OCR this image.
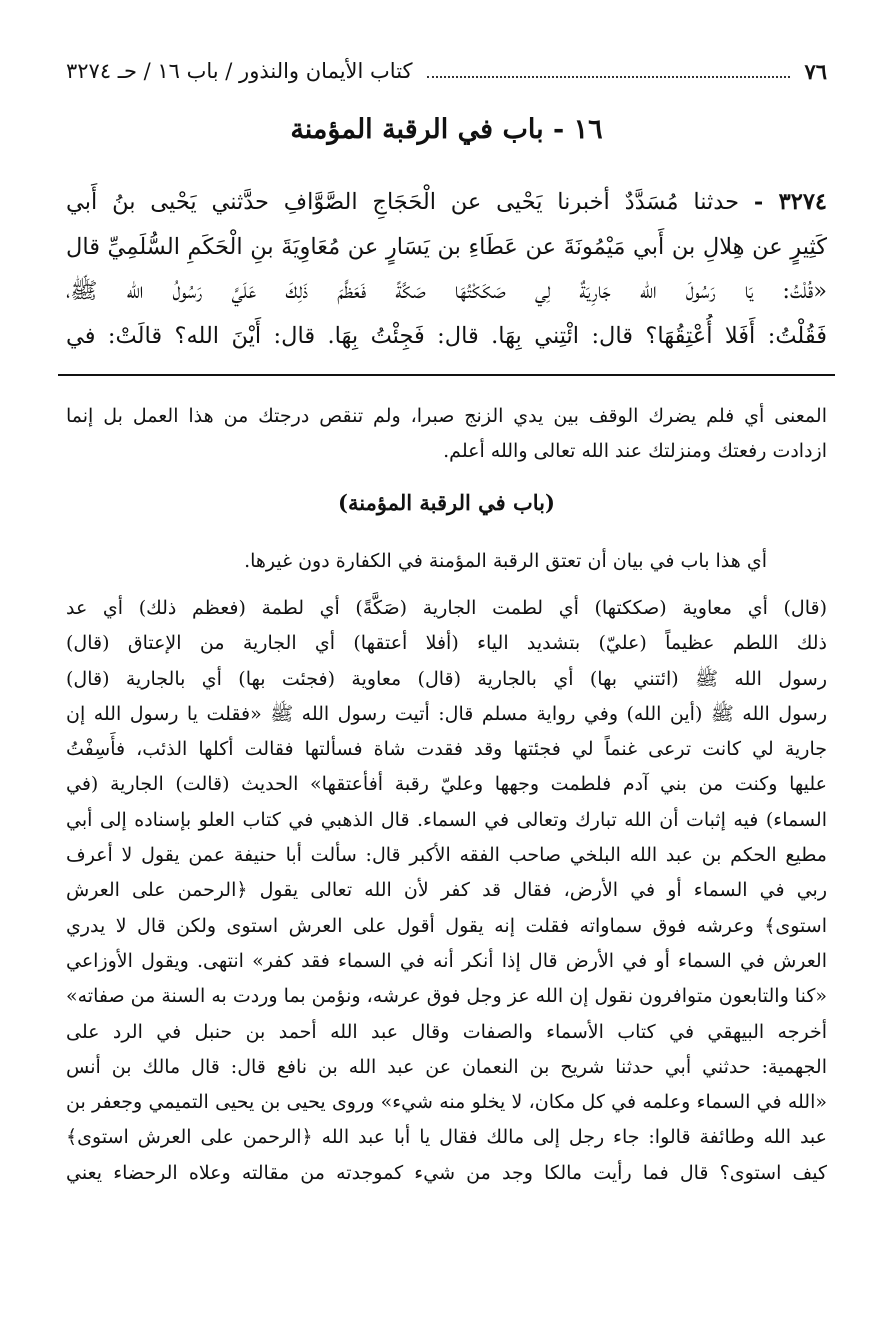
٧٦
كتاب الأيمان والنذور / باب ١٦ / حـ ٣٢٧٤
١٦ - باب في الرقبة المؤمنة
٣٢٧٤ - حدثنا مُسَدَّدٌ أخبرنا يَحْيى عن الْحَجَاجِ الصَّوَّافِ حدَّثني يَحْيى بنُ أَبي
كَثِيرٍ عن هِلالِ بن أَبي مَيْمُونَةَ عن عَطَاءِ بن يَسَارٍ عن مُعَاوِيَةَ بنِ الْحَكَمِ السُّلَمِيِّ قال
«قُلْتُ: يَا رَسُولَ الله جَارِيَةٌ لِي صَكَكْتُهَا صَكَّةً فَعَظَّمَ ذَلِكَ عَلَيَّ رَسُولُ الله ﷺ،
فَقُلْتُ: أَفَلا أُعْتِقُهَا؟ قال: ائْتِني بِهَا. قال: فَجِئْتُ بِهَا. قال: أَيْنَ الله؟ قالَتْ: في
المعنى أي فلم يضرك الوقف بين يدي الزنج صبرا، ولم تنقص درجتك من هذا العمل بل إنما
ازدادت رفعتك ومنزلتك عند الله تعالى والله أعلم.
(باب في الرقبة المؤمنة)
أي هذا باب في بيان أن تعتق الرقبة المؤمنة في الكفارة دون غيرها.
(قال) أي معاوية (صككتها) أي لطمت الجارية (صَكَّةً) أي لطمة (فعظم ذلك) أي عد
ذلك اللطم عظيماً (عليّ) بتشديد الياء (أفلا أعتقها) أي الجارية من الإعتاق (قال)
رسول الله ﷺ (ائتني بها) أي بالجارية (قال) معاوية (فجئت بها) أي بالجارية (قال)
رسول الله ﷺ (أين الله) وفي رواية مسلم قال: أتيت رسول الله ﷺ «فقلت يا رسول الله إن
جارية لي كانت ترعى غنماً لي فجئتها وقد فقدت شاة فسألتها فقالت أكلها الذئب، فأَسِفْتُ
عليها وكنت من بني آدم فلطمت وجهها وعليّ رقبة أفأعتقها» الحديث (قالت) الجارية (في
السماء) فيه إثبات أن الله تبارك وتعالى في السماء. قال الذهبي في كتاب العلو بإسناده إلى أبي
مطيع الحكم بن عبد الله البلخي صاحب الفقه الأكبر قال: سألت أبا حنيفة عمن يقول لا أعرف
ربي في السماء أو في الأرض، فقال قد كفر لأن الله تعالى يقول ﴿الرحمن على العرش
استوى﴾ وعرشه فوق سماواته فقلت إنه يقول أقول على العرش استوى ولكن قال لا يدري
العرش في السماء أو في الأرض قال إذا أنكر أنه في السماء فقد كفر» انتهى. ويقول الأوزاعي
«كنا والتابعون متوافرون نقول إن الله عز وجل فوق عرشه، ونؤمن بما وردت به السنة من صفاته»
أخرجه البيهقي في كتاب الأسماء والصفات وقال عبد الله أحمد بن حنبل في الرد على
الجهمية: حدثني أبي حدثنا شريح بن النعمان عن عبد الله بن نافع قال: قال مالك بن أنس
«الله في السماء وعلمه في كل مكان، لا يخلو منه شيء» وروى يحيى بن يحيى التميمي وجعفر بن
عبد الله وطائفة قالوا: جاء رجل إلى مالك فقال يا أبا عبد الله ﴿الرحمن على العرش استوى﴾
كيف استوى؟ قال فما رأيت مالكا وجد من شيء كموجدته من مقالته وعلاه الرحضاء يعني
